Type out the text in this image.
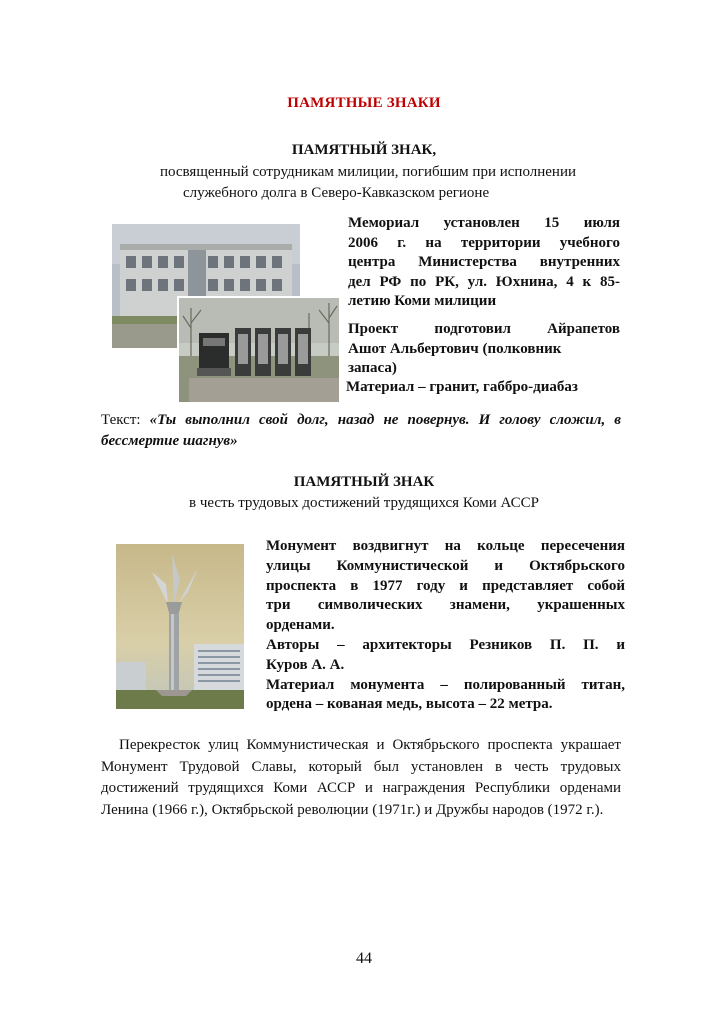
ПАМЯТНЫЕ ЗНАКИ
ПАМЯТНЫЙ ЗНАК,
посвященный сотрудникам милиции, погибшим при исполнении
служебного долга в Северо-Кавказском регионе
Мемориал установлен 15 июля
2006 г. на территории учебного
центра Министерства внутренних
дел РФ по РК, ул. Юхнина, 4 к 85-
летию Коми милиции
Проект подготовил Айрапетов
Ашот Альбертович (полковник
запаса)
Материал – гранит, габбро-диабаз
Текст: «Ты выполнил свой долг, назад не повернув. И голову сложил, в бессмертие шагнув»
ПАМЯТНЫЙ ЗНАК
в честь трудовых достижений трудящихся Коми АССР
Монумент воздвигнут на кольце пересечения
улицы Коммунистической и Октябрьского
проспекта в 1977 году и представляет собой
три символических знамени, украшенных
орденами.
Авторы – архитекторы Резников П. П. и
Куров А. А.
Материал монумента – полированный титан,
ордена – кованая медь, высота – 22 метра.
Перекресток улиц Коммунистическая и Октябрьского проспекта украшает Монумент Трудовой Славы, который был установлен в честь трудовых достижений трудящихся Коми АССР и награждения Республики орденами Ленина (1966 г.), Октябрьской революции (1971г.) и Дружбы народов (1972 г.).
44
